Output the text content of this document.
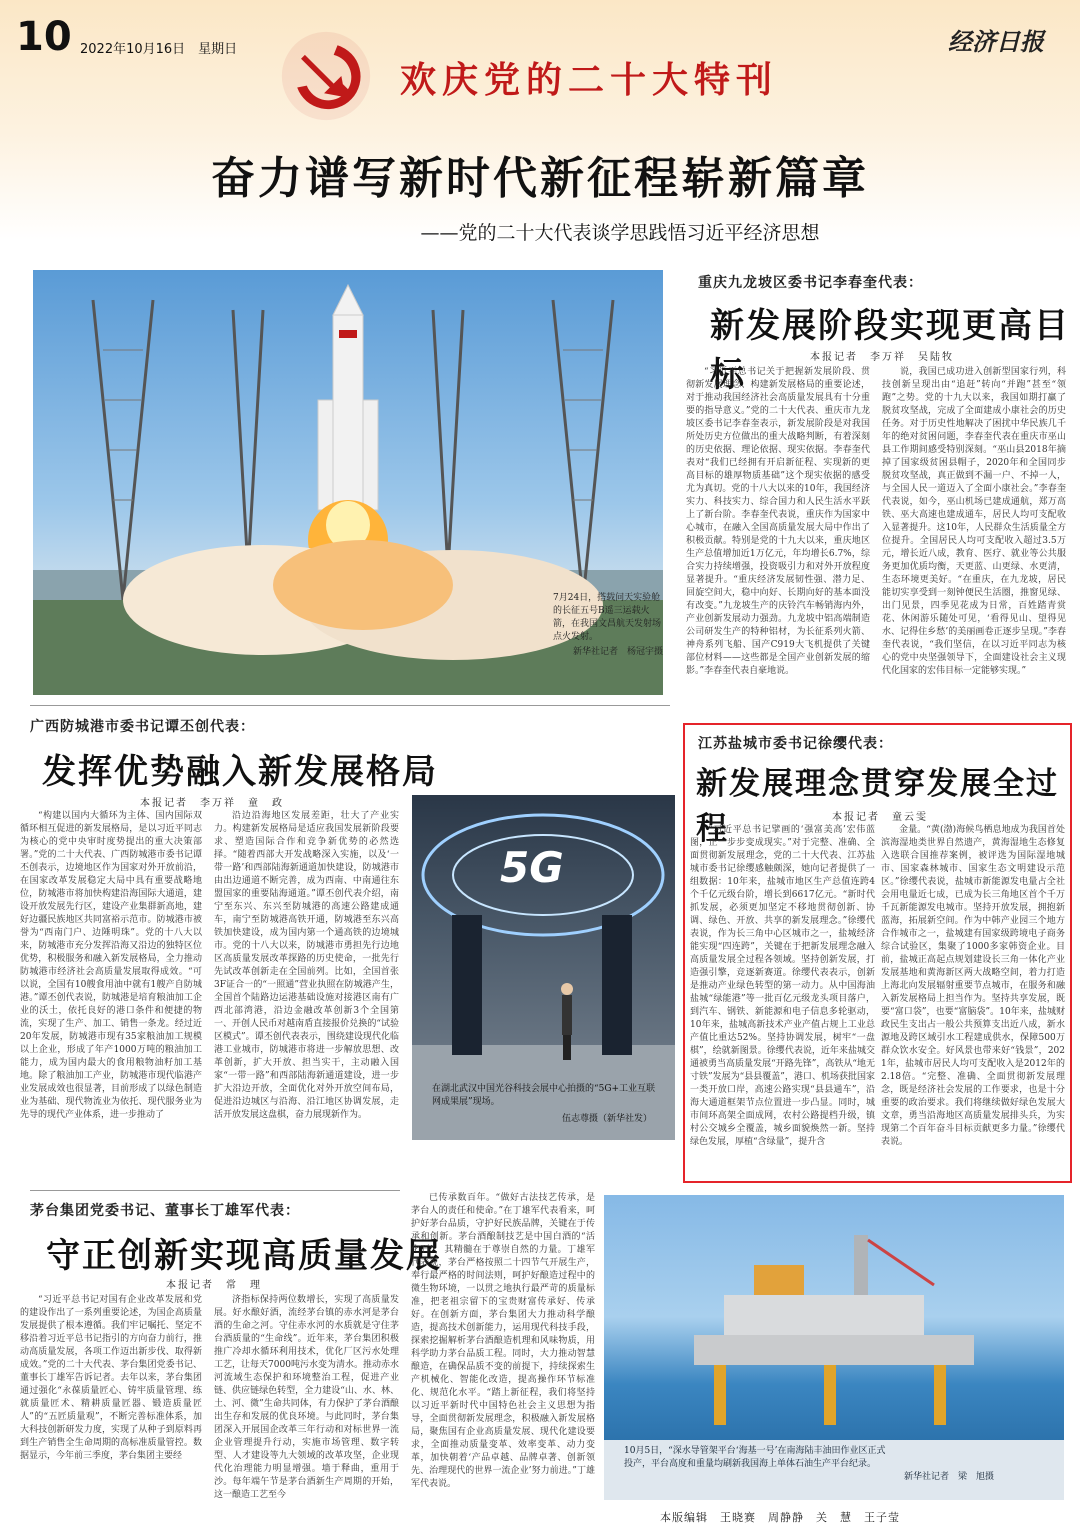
10 2022年10月16日　星期日	经济日报
欢庆党的二十大特刊
奋力谱写新时代新征程崭新篇章
——党的二十大代表谈学思践悟习近平经济思想
7月24日，搭载问天实验舱的长征五号B遥三运载火箭，在我国文昌航天发射场点火发射。
新华社记者　杨冠宇摄
重庆九龙坡区委书记李春奎代表：
新发展阶段实现更高目标	本报记者　李万祥　吴陆牧
“习近平总书记关于把握新发展阶段、贯彻新发展理念、构建新发展格局的重要论述，对于推动我国经济社会高质量发展具有十分重要的指导意义。”党的二十大代表、重庆市九龙坡区委书记李春奎表示，新发展阶段是对我国所处历史方位做出的重大战略判断，有着深刻的历史依据、理论依据、现实依据。李春奎代表对“我们已经拥有开启新征程、实现新的更高目标的雄厚物质基础”这个现实依据的感受尤为真切。党的十八大以来的10年，我国经济实力、科技实力、综合国力和人民生活水平跃上了新台阶。李春奎代表说，重庆作为国家中心城市，在融入全国高质量发展大局中作出了积极贡献。特别是党的十九大以来，重庆地区生产总值增加近1万亿元，年均增长6.7%，综合实力持续增强，投资吸引力和对外开放程度显著提升。“重庆经济发展韧性强、潜力足、回旋空间大，稳中向好、长期向好的基本面没有改变。”九龙坡生产的庆铃汽车畅销海内外，产业创新发展动力强劲。九龙坡中铝高端制造公司研发生产的特种铝材，为长征系列火箭、神舟系列飞船、国产C919大飞机提供了关键部位材料——这些都是全国产业创新发展的缩影。”李春奎代表自豪地说。
说，我国已成功进入创新型国家行列，科技创新呈现出由“追赶”转向“并跑”甚至“领跑”之势。党的十九大以来，我国如期打赢了脱贫攻坚战，完成了全面建成小康社会的历史任务。对于历史性地解决了困扰中华民族几千年的绝对贫困问题，李春奎代表在重庆市巫山县工作期间感受特别深刻。“巫山县2018年摘掉了国家级贫困县帽子，2020年和全国同步脱贫攻坚战，真正做到不漏一户、不掉一人，与全国人民一道迈入了全面小康社会。”李春奎代表说，如今，巫山机场已建成通航，郑万高铁、巫大高速也建成通车，居民人均可支配收入显著提升。这10年，人民群众生活质量全方位提升。全国居民人均可支配收入超过3.5万元，增长近八成，教育、医疗、就业等公共服务更加优质均衡，天更蓝、山更绿、水更清，生态环境更美好。“在重庆，在九龙坡，居民能切实享受到一刻钟便民生活圈，推窗见绿、出门见景，四季见花成为日常，百姓踏青赏花、休闲游乐随处可见，‘看得见山、望得见水、记得住乡愁’的美丽画卷正逐步呈现。”李春奎代表说，“我们坚信，在以习近平同志为核心的党中央坚强领导下，全面建设社会主义现代化国家的宏伟目标一定能够实现。”
广西防城港市委书记谭丕创代表：
发挥优势融入新发展格局
本报记者　李万祥　童　政
“构建以国内大循环为主体、国内国际双循环相互促进的新发展格局，是以习近平同志为核心的党中央审时度势提出的重大决策部署。”党的二十大代表、广西防城港市委书记谭丕创表示，边境地区作为国家对外开放前沿，在国家改革发展稳定大局中具有重要战略地位，防城港市将加快构建沿海国际大通道，建设开放发展先行区，建设产业集群新高地，建好边疆民族地区共同富裕示范市。防城港市被誉为“西南门户、边陲明珠”。党的十八大以来，防城港市充分发挥沿海又沿边的独特区位优势，积极服务和融入新发展格局，全力推动防城港市经济社会高质量发展取得成效。“可以说，全国有10艘食用油中就有1艘产自防城港。”谭丕创代表说，防城港是培育粮油加工企业的沃土，依托良好的港口条件和便捷的物流，实现了生产、加工、销售一条龙。经过近20年发展，防城港市现有35家粮油加工规模以上企业，形成了年产1000万吨的粮油加工能力，成为国内最大的食用粮物油籽加工基地。除了粮油加工产业，防城港市现代临港产业发展成效也很显著，目前形成了以绿色制造业为基础、现代物流业为依托、现代服务业为先导的现代产业体系，进一步推动了
沿边沿海地区发展差距，壮大了产业实力。构建新发展格局是适应我国发展新阶段要求、塑造国际合作和竞争新优势的必然选择。“随着西部大开发战略深入实施，以及‘一带一路’和西部陆海新通道加快建设，防城港市由出边通道不断完善，成为西南、中南通往东盟国家的重要陆海通道。”谭丕创代表介绍，南宁至东兴、东兴至防城港的高速公路建成通车，南宁至防城港高铁开通，防城港至东兴高铁加快建设，成为国内第一个通高铁的边境城市。党的十八大以来，防城港市勇担先行边地区高质量发展改革探路的历史使命，一批先行先试改革创新走在全国前列。比如，全国首张3F证合一的“一照通”营业执照在防城港产生，全国首个陆路边运港基础设施对接港区南有广西北部湾港，沿边金融改革创新3个全国第一、开创人民币对越南盾直接报价兑换的“试验区模式”。谭丕创代表表示，围绕建设现代化临港工业城市，防城港市将进一步解放思想、改革创新，扩大开放、担当实干，主动融入国家“一带一路”和西部陆海新通道建设，进一步扩大沿边开放，全面优化对外开放空间布局，促进沿边城区与沿海、沿江地区协调发展，走活开放发展这盘棋，奋力展现新作为。
5G
在湖北武汉中国光谷科技会展中心拍摄的“5G+工业互联网成果展”现场。
伍志尊摄（新华社发）
江苏盐城市委书记徐缨代表：
新发展理念贯穿发展全过程	本报记者　童云雯
“习近平总书记擘画的‘强富美高’宏伟蓝图，正一步步变成现实。”对于完整、准确、全面贯彻新发展理念，党的二十大代表、江苏盐城市委书记徐缨感触颇深，她向记者提供了一组数据：10年来，盐城市地区生产总值连跨4个千亿元级台阶，增长到6617亿元。“新时代抓发展，必须更加坚定不移地贯彻创新、协调、绿色、开放、共享的新发展理念。”徐缨代表说，作为长三角中心区城市之一，盐城经济能实现“四连跨”，关键在于把新发展理念融入高质量发展全过程各领域。坚持创新发展，打造强引擎，竞逐新赛道。徐缨代表表示，创新是推动产业绿色转型的第一动力。从中国海油盐城“绿能港”等一批百亿元级龙头项目落户，到汽车、钢铁、新能源和电子信息多轮驱动，10年来，盐城高新技术产业产值占规上工业总产值比重达52%。坚持协调发展，树牢“一盘棋”，绘就新图景。徐缨代表说，近年来盐城交通被勇当高质量发展“开路先锋”，高铁从“地无寸铁”发展为“县县覆盖”，港口、机场获批国家一类开放口岸，高速公路实现“县县通车”，沿海大通道框架节点位置进一步凸显。同时，城市间环高架全面成网，农村公路提档升级，镇村公交城乡全覆盖，城乡面貌焕然一新。坚持绿色发展，厚植“含绿量”，提升含
金量。“黄(渤)海候鸟栖息地成为我国首处滨海湿地类世界自然遗产，黄海湿地生态修复入选联合国推荐案例，被评选为国际湿地城市、国家森林城市、国家生态文明建设示范区。”徐缨代表说，盐城市新能源发电量占全社会用电量近七成，已成为长三角地区首个千万千瓦新能源发电城市。坚持开放发展，拥抱新蓝海，拓展新空间。作为中韩产业园三个地方合作城市之一，盐城建有国家级跨境电子商务综合试验区，集聚了1000多家韩资企业。目前，盐城正高起点规划建设长三角一体化产业发展基地和黄海新区两大战略空间，着力打造上海北向发展辐射重要节点城市，在服务和融入新发展格局上担当作为。坚持共享发展，既要“富口袋”，也要“富脑袋”。10年来，盐城财政民生支出占一般公共预算支出近八成，新水源地及跨区域引水工程建成供水，保障500万群众饮水安全。好风景也带来好“钱景”，2021年，盐城市居民人均可支配收入是2012年的2.18倍。“完整、准确、全面贯彻新发展理念，既是经济社会发展的工作要求，也是十分重要的政治要求。我们将继续做好绿色发展大文章，勇当沿海地区高质量发展排头兵，为实现第二个百年奋斗目标贡献更多力量。”徐缨代表说。
茅台集团党委书记、董事长丁雄军代表：
守正创新实现高质量发展
本报记者　常　理
“习近平总书记对国有企业改革发展和党的建设作出了一系列重要论述，为国企高质量发展提供了根本遵循。我们牢记嘱托、坚定不移沿着习近平总书记指引的方向奋力前行，推动高质量发展，各项工作迈出新步伐、取得新成效。”党的二十大代表、茅台集团党委书记、董事长丁雄军告诉记者。去年以来，茅台集团通过强化“永葆质量匠心、铸牢质量管理、练就质量匠术、精耕质量匠器、锻造质量匠人”的“五匠质量观”，不断完善标准体系，加大科技创新研发力度，实现了从种子到原料再到生产销售全生命周期的高标准质量管控。数据显示，今年前三季度，茅台集团主要经
济指标保持两位数增长，实现了高质量发展。好水酿好酒，流经茅台镇的赤水河是茅台酒的生命之河。守住赤水河的水质就是守住茅台酒质量的“生命线”。近年来，茅台集团积极推广冷却水循环利用技术，优化厂区污水处理工艺，让每天7000吨污水变为清水。推动赤水河流域生态保护和环境整治工程，促进产业链、供应链绿色转型，全力建设“山、水、林、土、河、微”生命共同体，有力保护了茅台酒酿出生存和发展的优良环境。与此同时，茅台集团深入开展国企改革三年行动和对标世界一流企业管理提升行动，实施市场管理、数字转型、人才建设等九大领域的改革攻坚，企业现代化治理能力明显增强。墙于释曲，重用于沙。每年端午节是茅台酒新生产周期的开始，这一酿造工艺至今
已传承数百年。“做好古法技艺传承，是茅台人的责任和使命。”在丁雄军代表看来，呵护好茅台品质，守护好民族品牌，关键在于传承和创新。茅台酒酿制技艺是中国白酒的“活化石”，其精髓在于尊崇自然的力量。丁雄军代表说，茅台严格按照二十四节气开展生产，奉行最严格的时间法则，呵护好酿造过程中的微生物环境，一以贯之地执行最严苛的质量标准，把老祖宗留下的宝贵财富传承好、传承好。在创新方面，茅台集团大力推动科学酿造，提高技术创新能力，运用现代科技手段，探索挖掘解析茅台酒酿造机理和风味物质，用科学助力茅台品质工程。同时，大力推动智慧酿造，在确保品质不变的前提下，持续探索生产机械化、智能化改造，提高操作环节标准化、规范化水平。“踏上新征程，我们将坚持以习近平新时代中国特色社会主义思想为指导，全面贯彻新发展理念，积极融入新发展格局，聚焦国有企业高质量发展、现代化建设要求，全面推动质量变革、效率变革、动力变革，加快朝着‘产品卓越、品牌卓著、创新领先、治理现代的世界一流企业’努力前进。”丁雄军代表说。
10月5日，“深水导管架平台‘海基一号’在南海陆丰油田作业区正式投产，平台高度和重量均刷新我国海上单体石油生产平台纪录。
新华社记者　梁　旭摄
本版编辑　王晓赛　周静静　关　慧　王子莹
